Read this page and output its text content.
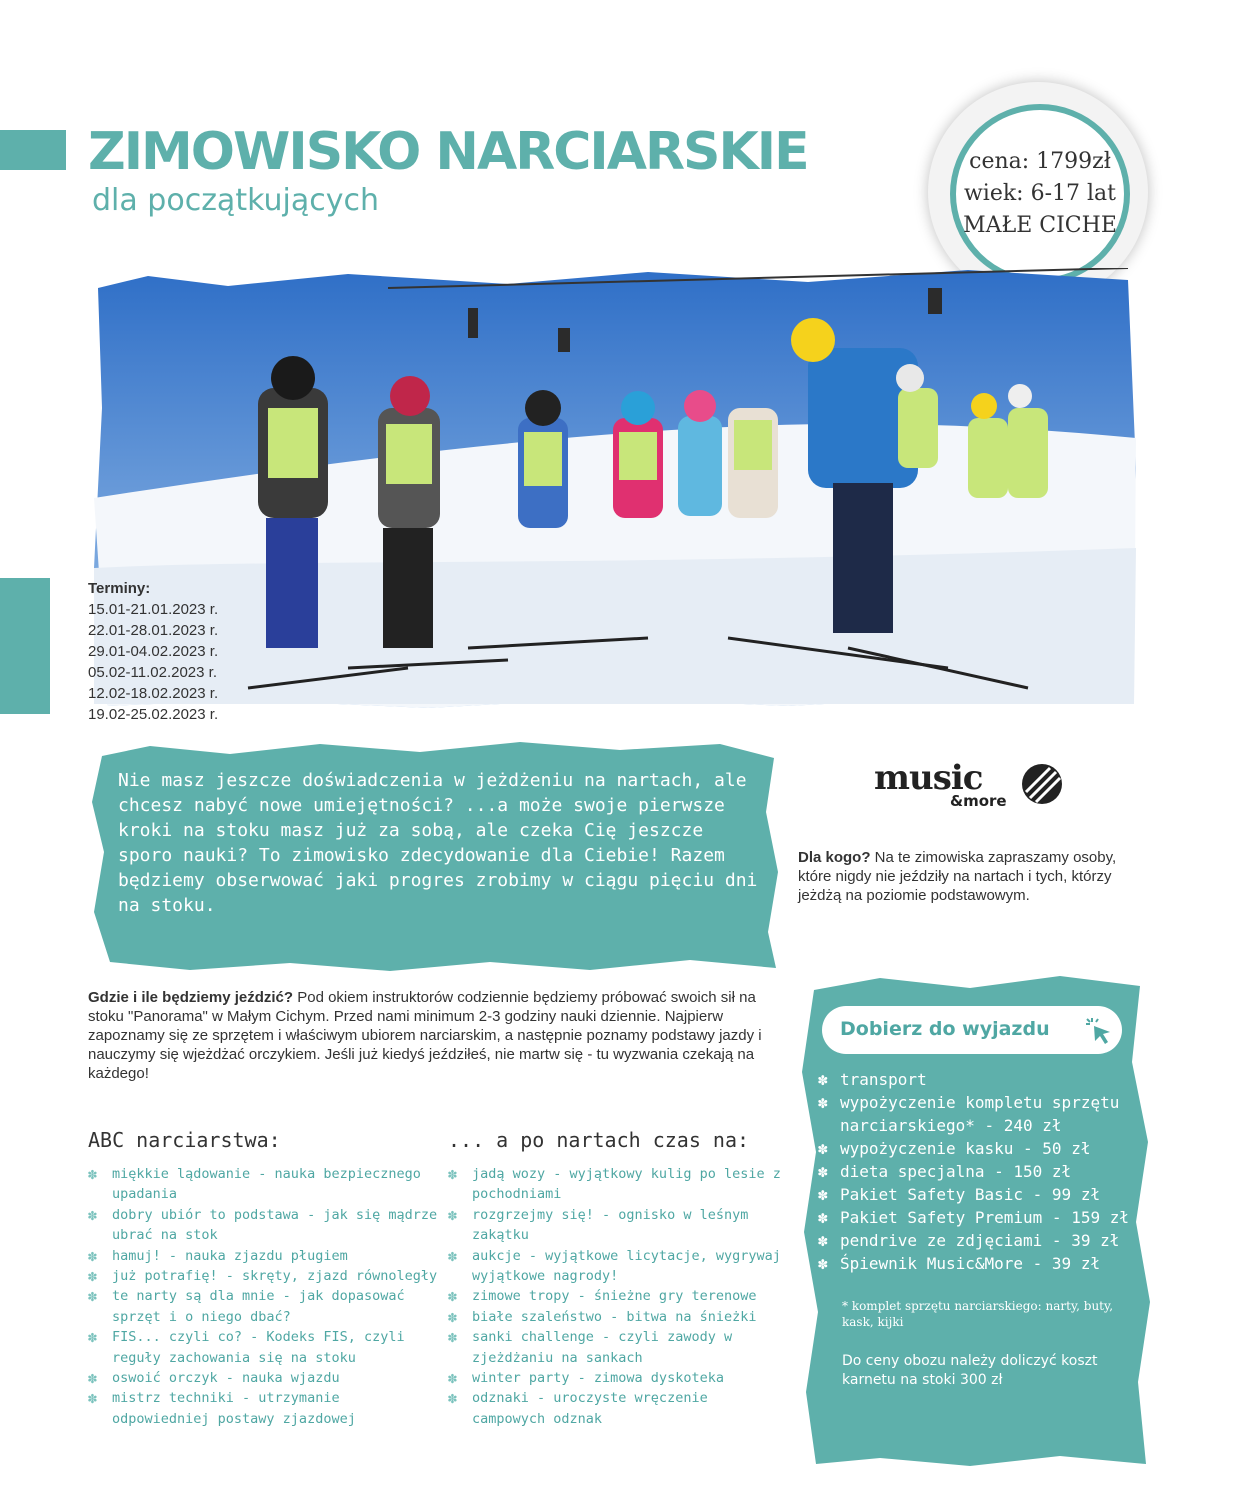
ZIMOWISKO NARCIARSKIE
dla początkujących
cena: 1799zł
wiek: 6-17 lat
MAŁE CICHE
Terminy:
15.01-21.01.2023 r.
22.01-28.01.2023 r.
29.01-04.02.2023 r.
05.02-11.02.2023 r.
12.02-18.02.2023 r.
19.02-25.02.2023 r.

Nie masz jeszcze doświadczenia w jeżdżeniu na nartach, ale chcesz nabyć nowe umiejętności? ...a może swoje pierwsze kroki na stoku masz już za sobą, ale czeka Cię jeszcze sporo nauki? To zimowisko zdecydowanie dla Ciebie! Razem będziemy obserwować jaki progres zrobimy w ciągu pięciu dni na stoku.

music
&more
Dla kogo? Na te zimowiska zapraszamy osoby, które nigdy nie jeździły na nartach i tych, którzy jeżdżą na poziomie podstawowym.
Gdzie i ile będziemy jeździć? Pod okiem instruktorów codziennie będziemy próbować swoich sił na stoku "Panorama" w Małym Cichym. Przed nami minimum 2-3 godziny nauki dziennie. Najpierw zapoznamy się ze sprzętem i właściwym ubiorem narciarskim, a następnie poznamy podstawy jazdy i nauczymy się wjeżdżać orczykiem. Jeśli już kiedyś jeździłeś, nie martw się - tu wyzwania czekają na każdego!
ABC narciarstwa:
✽ miękkie lądowanie - nauka bezpiecznego upadania
✽ dobry ubiór to podstawa - jak się mądrze ubrać na stok
✽ hamuj! - nauka zjazdu pługiem
✽ już potrafię! - skręty, zjazd równoległy
✽ te narty są dla mnie - jak dopasować sprzęt i o niego dbać?
✽ FIS... czyli co? - Kodeks FIS, czyli reguły zachowania się na stoku
✽ oswoić orczyk - nauka wjazdu
✽ mistrz techniki - utrzymanie odpowiedniej postawy zjazdowej
... a po nartach czas na:
✽ jadą wozy - wyjątkowy kulig po lesie z pochodniami
✽ rozgrzejmy się! - ognisko w leśnym zakątku
✽ aukcje - wyjątkowe licytacje, wygrywaj wyjątkowe nagrody!
✽ zimowe tropy - śnieżne gry terenowe
✽ białe szaleństwo - bitwa na śnieżki
✽ sanki challenge - czyli zawody w zjeżdżaniu na sankach
✽ winter party - zimowa dyskoteka
✽ odznaki - uroczyste wręczenie campowych odznak
Dobierz do wyjazdu
✽ transport
✽ wypożyczenie kompletu sprzętu narciarskiego* - 240 zł
✽ wypożyczenie kasku - 50 zł
✽ dieta specjalna - 150 zł
✽ Pakiet Safety Basic - 99 zł
✽ Pakiet Safety Premium - 159 zł
✽ pendrive ze zdjęciami - 39 zł
✽ Śpiewnik Music&More - 39 zł
* komplet sprzętu narciarskiego: narty, buty, kask, kijki
Do ceny obozu należy doliczyć koszt karnetu na stoki 300 zł
